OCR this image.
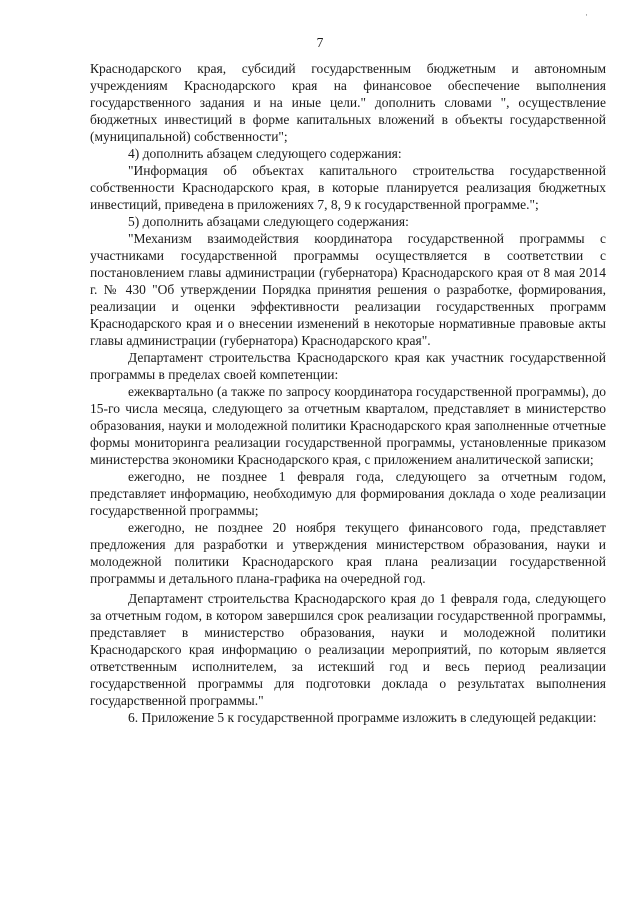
·
7

Краснодарского края, субсидий государственным бюджетным и автономным учреждениям Краснодарского края на финансовое обеспечение выполнения государственного задания и на иные цели." дополнить словами ", осуществление бюджетных инвестиций в форме капитальных вложений в объекты государственной (муниципальной) собственности";

4) дополнить абзацем следующего содержания:

"Информация об объектах капитального строительства государственной собственности Краснодарского края, в которые планируется реализация бюджетных инвестиций, приведена в приложениях 7, 8, 9 к государственной программе.";

5) дополнить абзацами следующего содержания:

"Механизм взаимодействия координатора государственной программы с участниками государственной программы осуществляется в соответствии с постановлением главы администрации (губернатора) Краснодарского края от 8 мая 2014 г. № 430 "Об утверждении Порядка принятия решения о разработке, формирования, реализации и оценки эффективности реализации государственных программ Краснодарского края и о внесении изменений в некоторые нормативные правовые акты главы администрации (губернатора) Краснодарского края".

Департамент строительства Краснодарского края как участник государственной программы в пределах своей компетенции:

ежеквартально (а также по запросу координатора государственной программы), до 15-го числа месяца, следующего за отчетным кварталом, представляет в министерство образования, науки и молодежной политики Краснодарского края заполненные отчетные формы мониторинга реализации государственной программы, установленные приказом министерства экономики Краснодарского края, с приложением аналитической записки;

ежегодно, не позднее 1 февраля года, следующего за отчетным годом, представляет информацию, необходимую для формирования доклада о ходе реализации государственной программы;

ежегодно, не позднее 20 ноября текущего финансового года, представляет предложения для разработки и утверждения министерством образования, науки и молодежной политики Краснодарского края плана реализации государственной программы и детального плана-графика на очередной год.

Департамент строительства Краснодарского края до 1 февраля года, следующего за отчетным годом, в котором завершился срок реализации государственной программы, представляет в министерство образования, науки и молодежной политики Краснодарского края информацию о реализации мероприятий, по которым является ответственным исполнителем, за истекший год и весь период реализации государственной программы для подготовки доклада о результатах выполнения государственной программы."

6. Приложение 5 к государственной программе изложить в следующей редакции:
